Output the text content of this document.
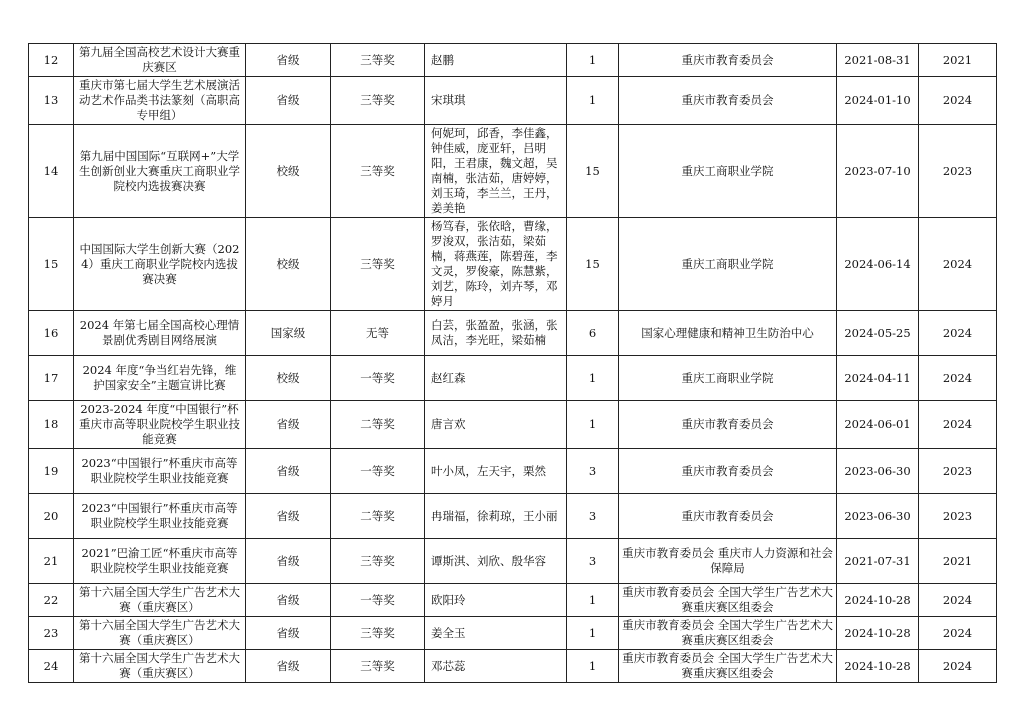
12	第九届全国高校艺术设计大赛重庆赛区	省级	三等奖	赵鹏	1	重庆市教育委员会	2021-08-31	2021
13	重庆市第七届大学生艺术展演活动艺术作品类书法篆刻（高职高专甲组）	省级	三等奖	宋琪琪	1	重庆市教育委员会	2024-01-10	2024
14	第九届中国国际“互联网+”大学生创新创业大赛重庆工商职业学院校内选拔赛决赛	校级	三等奖	何妮珂，邱香，李佳鑫，钟佳威，庞亚轩，吕明阳，王君康，魏文超，吴南楠，张洁茹，唐婷婷，刘玉琦，李兰兰，王丹，姜美艳	15	重庆工商职业学院	2023-07-10	2023
15	中国国际大学生创新大赛（2024）重庆工商职业学院校内选拔赛决赛	校级	三等奖	杨笃春，张依晗，曹缘，罗浚双，张洁茹，梁茹楠，蒋燕莲，陈碧莲，李文灵，罗俊豪，陈慧紫，刘艺，陈玲，刘卉琴，邓婷月	15	重庆工商职业学院	2024-06-14	2024
16	2024 年第七届全国高校心理情景剧优秀剧目网络展演	国家级	无等	白芸，张盈盈，张涵，张凤洁，李光旺，梁茹楠	6	国家心理健康和精神卫生防治中心	2024-05-25	2024
17	2024 年度“争当红岩先锋，维护国家安全”主题宣讲比赛	校级	一等奖	赵红森	1	重庆工商职业学院	2024-04-11	2024
18	2023-2024 年度“中国银行”杯重庆市高等职业院校学生职业技能竞赛	省级	二等奖	唐言欢	1	重庆市教育委员会	2024-06-01	2024
19	2023“中国银行”杯重庆市高等职业院校学生职业技能竞赛	省级	一等奖	叶小凤，左天宇，栗然	3	重庆市教育委员会	2023-06-30	2023
20	2023“中国银行”杯重庆市高等职业院校学生职业技能竞赛	省级	二等奖	冉瑞福，徐莉琼，王小丽	3	重庆市教育委员会	2023-06-30	2023
21	2021”巴渝工匠“杯重庆市高等职业院校学生职业技能竞赛	省级	三等奖	谭斯淇、刘欣、殷华容	3	重庆市教育委员会 重庆市人力资源和社会保障局	2021-07-31	2021
22	第十六届全国大学生广告艺术大赛（重庆赛区）	省级	一等奖	欧阳玲	1	重庆市教育委员会 全国大学生广告艺术大赛重庆赛区组委会	2024-10-28	2024
23	第十六届全国大学生广告艺术大赛（重庆赛区）	省级	三等奖	姜全玉	1	重庆市教育委员会 全国大学生广告艺术大赛重庆赛区组委会	2024-10-28	2024
24	第十六届全国大学生广告艺术大赛（重庆赛区）	省级	三等奖	邓芯蕊	1	重庆市教育委员会 全国大学生广告艺术大赛重庆赛区组委会	2024-10-28	2024
